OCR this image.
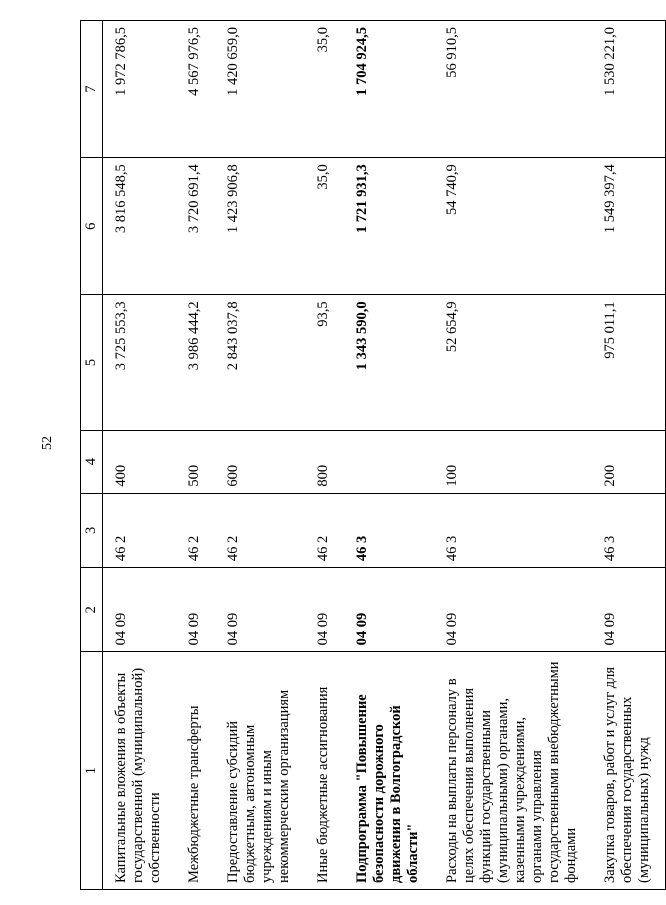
52
1	2	3	4	5	6	7
Капитальные вложения в объекты государственной (муниципальной) собственности	04 09	46 2	400	3 725 553,3	3 816 548,5	1 972 786,5
Межбюджетные трансферты	04 09	46 2	500	3 986 444,2	3 720 691,4	4 567 976,5
Предоставление субсидий бюджетным, автономным учреждениям и иным некоммерческим организациям	04 09	46 2	600	2 843 037,8	1 423 906,8	1 420 659,0
Иные бюджетные ассигнования	04 09	46 2	800	93,5	35,0	35,0
Подпрограмма "Повышение безопасности дорожного движения в Волгоградской области"	04 09	46 3		1 343 590,0	1 721 931,3	1 704 924,5
Расходы на выплаты персоналу в целях обеспечения выполнения функций государственными (муниципальными) органами, казенными учреждениями, органами управления государственными внебюджетными фондами	04 09	46 3	100	52 654,9	54 740,9	56 910,5
Закупка товаров, работ и услуг для обеспечения государственных (муниципальных) нужд	04 09	46 3	200	975 011,1	1 549 397,4	1 530 221,0
